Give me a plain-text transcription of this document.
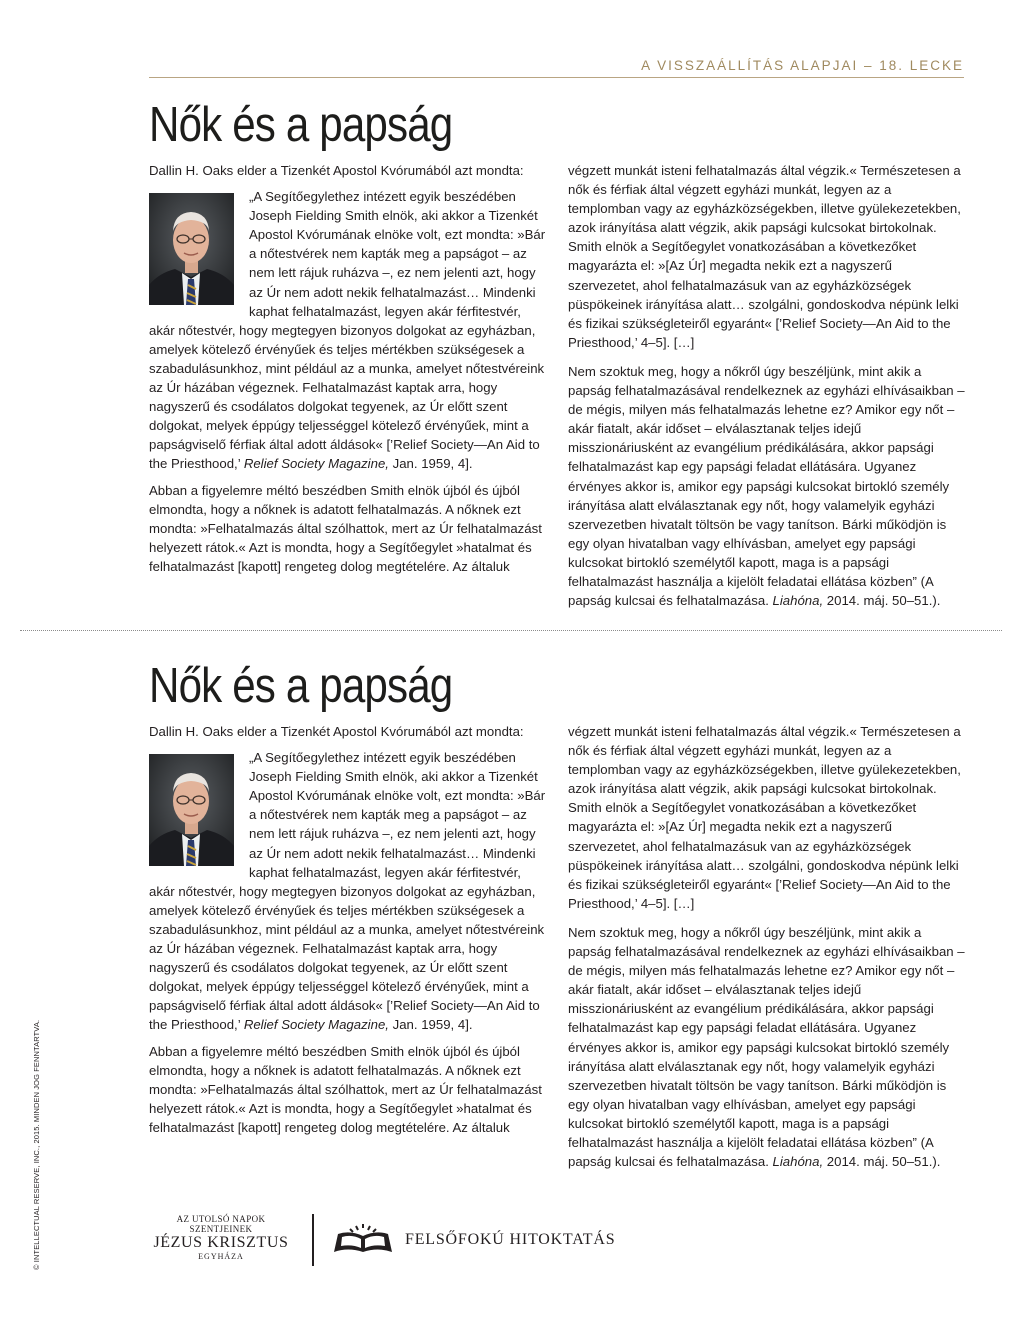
A VISSZAÁLLÍTÁS ALAPJAI – 18. LECKE
Nők és a papság

Dallin H. Oaks elder a Tizenkét Apostol Kvórumából azt mondta:

„A Segítőegylethez intézett egyik beszédében Joseph Fielding Smith elnök, aki akkor a Tizenkét Apostol Kvórumának elnöke volt, ezt mondta: »Bár a nőtestvérek nem kapták meg a papságot – az nem lett rájuk ruházva –, ez nem jelenti azt, hogy az Úr nem adott nekik felhatalmazást… Mindenki kaphat felhatalmazást, legyen akár férfitestvér, akár nőtestvér, hogy megtegyen bizonyos dolgokat az egyházban, amelyek kötelező érvényűek és teljes mértékben szükségesek a szabadulásunkhoz, mint például az a munka, amelyet nőtestvéreink az Úr házában végeznek. Felhatalmazást kaptak arra, hogy nagyszerű és csodálatos dolgokat tegyenek, az Úr előtt szent dolgokat, melyek éppúgy teljességgel kötelező érvényűek, mint a papságviselő férfiak által adott áldások« [’Relief Society—An Aid to the Priesthood,’ Relief Society Magazine, Jan. 1959, 4].

Abban a figyelemre méltó beszédben Smith elnök újból és újból elmondta, hogy a nőknek is adatott felhatalmazás. A nőknek ezt mondta: »Felhatalmazás által szólhattok, mert az Úr felhatalmazást helyezett rátok.« Azt is mondta, hogy a Segítőegylet »hatalmat és felhatalmazást [kapott] rengeteg dolog megtételére. Az általuk

végzett munkát isteni felhatalmazás által végzik.« Természetesen a nők és férfiak által végzett egyházi munkát, legyen az a templomban vagy az egyházközségekben, illetve gyülekezetekben, azok irányítása alatt végzik, akik papsági kulcsokat birtokolnak. Smith elnök a Segítőegylet vonatkozásában a következőket magyarázta el: »[Az Úr] megadta nekik ezt a nagyszerű szervezetet, ahol felhatalmazásuk van az egyházközségek püspökeinek irányítása alatt… szolgálni, gondoskodva népünk lelki és fizikai szükségleteiről egyaránt« [’Relief Society—An Aid to the Priesthood,’ 4–5]. […]

Nem szoktuk meg, hogy a nőkről úgy beszéljünk, mint akik a papság felhatalmazásával rendelkeznek az egyházi elhívásaikban – de mégis, milyen más felhatalmazás lehetne ez? Amikor egy nőt – akár fiatalt, akár időset – elválasztanak teljes idejű misszionáriusként az evangélium prédikálására, akkor papsági felhatalmazást kap egy papsági feladat ellátására. Ugyanez érvényes akkor is, amikor egy papsági kulcsokat birtokló személy irányítása alatt elválasztanak egy nőt, hogy valamelyik egyházi szervezetben hivatalt töltsön be vagy tanítson. Bárki működjön is egy olyan hivatalban vagy elhívásban, amelyet egy papsági kulcsokat birtokló személytől kapott, maga is a papsági felhatalmazást használja a kijelölt feladatai ellátása közben” (A papság kulcsai és felhatalmazása. Liahóna, 2014. máj. 50–51.).

Nők és a papság

Dallin H. Oaks elder a Tizenkét Apostol Kvórumából azt mondta:

„A Segítőegylethez intézett egyik beszédében Joseph Fielding Smith elnök, aki akkor a Tizenkét Apostol Kvórumának elnöke volt, ezt mondta: »Bár a nőtestvérek nem kapták meg a papságot – az nem lett rájuk ruházva –, ez nem jelenti azt, hogy az Úr nem adott nekik felhatalmazást… Mindenki kaphat felhatalmazást, legyen akár férfitestvér, akár nőtestvér, hogy megtegyen bizonyos dolgokat az egyházban, amelyek kötelező érvényűek és teljes mértékben szükségesek a szabadulásunkhoz, mint például az a munka, amelyet nőtestvéreink az Úr házában végeznek. Felhatalmazást kaptak arra, hogy nagyszerű és csodálatos dolgokat tegyenek, az Úr előtt szent dolgokat, melyek éppúgy teljességgel kötelező érvényűek, mint a papságviselő férfiak által adott áldások« [’Relief Society—An Aid to the Priesthood,’ Relief Society Magazine, Jan. 1959, 4].

Abban a figyelemre méltó beszédben Smith elnök újból és újból elmondta, hogy a nőknek is adatott felhatalmazás. A nőknek ezt mondta: »Felhatalmazás által szólhattok, mert az Úr felhatalmazást helyezett rátok.« Azt is mondta, hogy a Segítőegylet »hatalmat és felhatalmazást [kapott] rengeteg dolog megtételére. Az általuk

végzett munkát isteni felhatalmazás által végzik.« Természetesen a nők és férfiak által végzett egyházi munkát, legyen az a templomban vagy az egyházközségekben, illetve gyülekezetekben, azok irányítása alatt végzik, akik papsági kulcsokat birtokolnak. Smith elnök a Segítőegylet vonatkozásában a következőket magyarázta el: »[Az Úr] megadta nekik ezt a nagyszerű szervezetet, ahol felhatalmazásuk van az egyházközségek püspökeinek irányítása alatt… szolgálni, gondoskodva népünk lelki és fizikai szükségleteiről egyaránt« [’Relief Society—An Aid to the Priesthood,’ 4–5]. […]

Nem szoktuk meg, hogy a nőkről úgy beszéljünk, mint akik a papság felhatalmazásával rendelkeznek az egyházi elhívásaikban – de mégis, milyen más felhatalmazás lehetne ez? Amikor egy nőt – akár fiatalt, akár időset – elválasztanak teljes idejű misszionáriusként az evangélium prédikálására, akkor papsági felhatalmazást kap egy papsági feladat ellátására. Ugyanez érvényes akkor is, amikor egy papsági kulcsokat birtokló személy irányítása alatt elválasztanak egy nőt, hogy valamelyik egyházi szervezetben hivatalt töltsön be vagy tanítson. Bárki működjön is egy olyan hivatalban vagy elhívásban, amelyet egy papsági kulcsokat birtokló személytől kapott, maga is a papsági felhatalmazást használja a kijelölt feladatai ellátása közben” (A papság kulcsai és felhatalmazása. Liahóna, 2014. máj. 50–51.).

© INTELLECTUAL RESERVE, INC., 2015. MINDEN JOG FENNTARTVA.	AZ UTOLSÓ NAPOK
SZENTJEINEK
JÉZUS KRISZTUS
EGYHÁZA
FELSŐFOKÚ HITOKTATÁS
